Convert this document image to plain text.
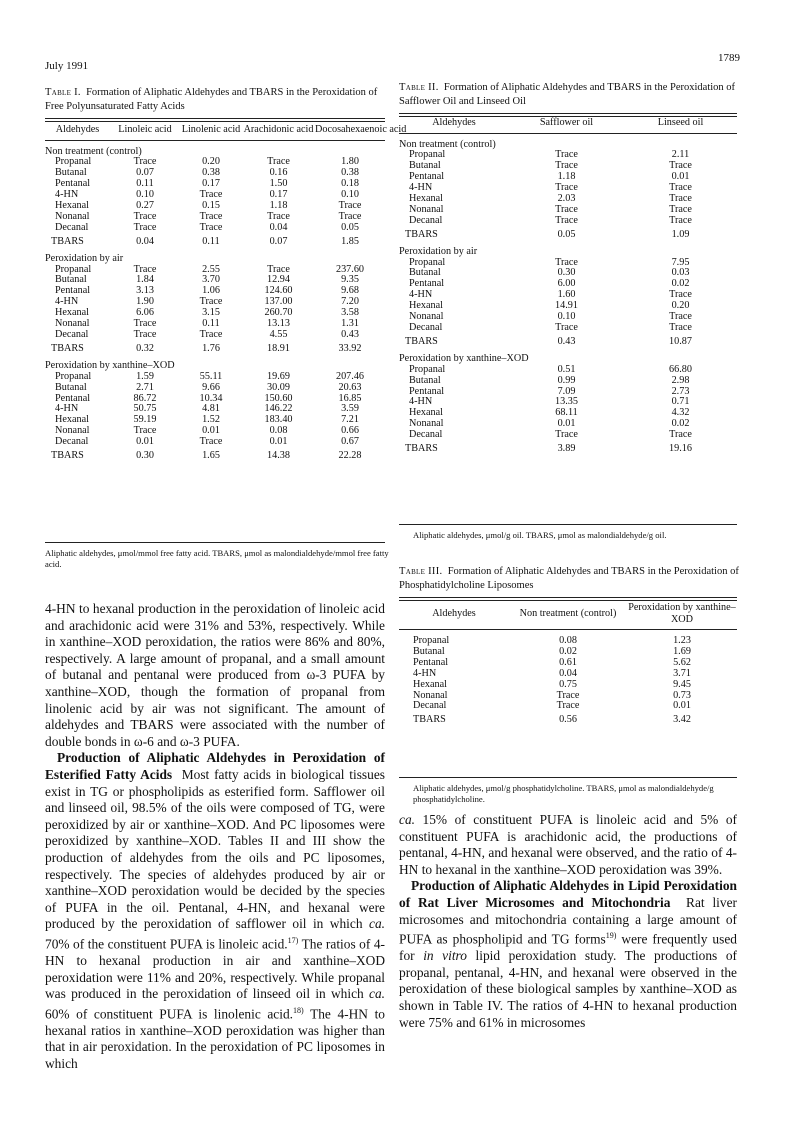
July 1991
1789
Table I. Formation of Aliphatic Aldehydes and TBARS in the Peroxidation of Free Polyunsaturated Fatty Acids
Aldehydes	Linoleic acid	Linolenic acid	Arachidonic acid	Docosahexaenoic acid

Non treatment (control)				
Propanal	Trace	0.20	Trace	1.80
Butanal	0.07	0.38	0.16	0.38
Pentanal	0.11	0.17	1.50	0.18
4-HN	0.10	Trace	0.17	0.10
Hexanal	0.27	0.15	1.18	Trace
Nonanal	Trace	Trace	Trace	Trace
Decanal	Trace	Trace	0.04	0.05
TBARS	0.04	0.11	0.07	1.85

Peroxidation by air				
Propanal	Trace	2.55	Trace	237.60
Butanal	1.84	3.70	12.94	9.35
Pentanal	3.13	1.06	124.60	9.68
4-HN	1.90	Trace	137.00	7.20
Hexanal	6.06	3.15	260.70	3.58
Nonanal	Trace	0.11	13.13	1.31
Decanal	Trace	Trace	4.55	0.43
TBARS	0.32	1.76	18.91	33.92

Peroxidation by xanthine–XOD				
Propanal	1.59	55.11	19.69	207.46
Butanal	2.71	9.66	30.09	20.63
Pentanal	86.72	10.34	150.60	16.85
4-HN	50.75	4.81	146.22	3.59
Hexanal	59.19	1.52	183.40	7.21
Nonanal	Trace	0.01	0.08	0.66
Decanal	0.01	Trace	0.01	0.67
TBARS	0.30	1.65	14.38	22.28
Aliphatic aldehydes, μmol/mmol free fatty acid. TBARS, μmol as malondialdehyde/mmol free fatty acid.
Table II. Formation of Aliphatic Aldehydes and TBARS in the Peroxidation of Safflower Oil and Linseed Oil
Aldehydes	Safflower oil	Linseed oil

Non treatment (control)		
Propanal	Trace	2.11
Butanal	Trace	Trace
Pentanal	1.18	0.01
4-HN	Trace	Trace
Hexanal	2.03	Trace
Nonanal	Trace	Trace
Decanal	Trace	Trace
TBARS	0.05	1.09

Peroxidation by air		
Propanal	Trace	7.95
Butanal	0.30	0.03
Pentanal	6.00	0.02
4-HN	1.60	Trace
Hexanal	14.91	0.20
Nonanal	0.10	Trace
Decanal	Trace	Trace
TBARS	0.43	10.87

Peroxidation by xanthine–XOD		
Propanal	0.51	66.80
Butanal	0.99	2.98
Pentanal	7.09	2.73
4-HN	13.35	0.71
Hexanal	68.11	4.32
Nonanal	0.01	0.02
Decanal	Trace	Trace
TBARS	3.89	19.16
Aliphatic aldehydes, μmol/g oil. TBARS, μmol as malondialdehyde/g oil.
Table III. Formation of Aliphatic Aldehydes and TBARS in the Peroxidation of Phosphatidylcholine Liposomes
Aldehydes	Non treatment (control)	Peroxidation by xanthine–XOD

Propanal	0.08	1.23
Butanal	0.02	1.69
Pentanal	0.61	5.62
4-HN	0.04	3.71
Hexanal	0.75	9.45
Nonanal	Trace	0.73
Decanal	Trace	0.01
TBARS	0.56	3.42
Aliphatic aldehydes, μmol/g phosphatidylcholine. TBARS, μmol as malondialdehyde/g phosphatidylcholine.

4-HN to hexanal production in the peroxidation of linoleic acid and arachidonic acid were 31% and 53%, respectively. While in xanthine–XOD peroxidation, the ratios were 86% and 80%, respectively. A large amount of propanal, and a small amount of butanal and pentanal were produced from ω-3 PUFA by xanthine–XOD, though the formation of propanal from linolenic acid by air was not significant. The amount of aldehydes and TBARS were associated with the number of double bonds in ω-6 and ω-3 PUFA.

Production of Aliphatic Aldehydes in Peroxidation of Esterified Fatty Acids Most fatty acids in biological tissues exist in TG or phospholipids as esterified form. Safflower oil and linseed oil, 98.5% of the oils were composed of TG, were peroxidized by air or xanthine–XOD. And PC liposomes were peroxidized by xanthine–XOD. Tables II and III show the production of aldehydes from the oils and PC liposomes, respectively. The species of aldehydes produced by air or xanthine–XOD peroxidation would be decided by the species of PUFA in the oil. Pentanal, 4-HN, and hexanal were produced by the peroxidation of safflower oil in which ca. 70% of the constituent PUFA is linoleic acid.$^{17)}$ The ratios of 4-HN to hexanal production in air and xanthine–XOD peroxidation were 11% and 20%, respectively. While propanal was produced in the peroxidation of linseed oil in which ca. 60% of constituent PUFA is linolenic acid.$^{18)}$ The 4-HN to hexanal ratios in xanthine–XOD peroxidation was higher than that in air peroxidation. In the peroxidation of PC liposomes in which

ca. 15% of constituent PUFA is linoleic acid and 5% of constituent PUFA is arachidonic acid, the productions of pentanal, 4-HN, and hexanal were observed, and the ratio of 4-HN to hexanal in the xanthine–XOD peroxidation was 39%.

Production of Aliphatic Aldehydes in Lipid Peroxidation of Rat Liver Microsomes and Mitochondria Rat liver microsomes and mitochondria containing a large amount of PUFA as phospholipid and TG forms$^{19)}$ were frequently used for in vitro lipid peroxidation study. The productions of propanal, pentanal, 4-HN, and hexanal were observed in the peroxidation of these biological samples by xanthine–XOD as shown in Table IV. The ratios of 4-HN to hexanal production were 75% and 61% in microsomes
